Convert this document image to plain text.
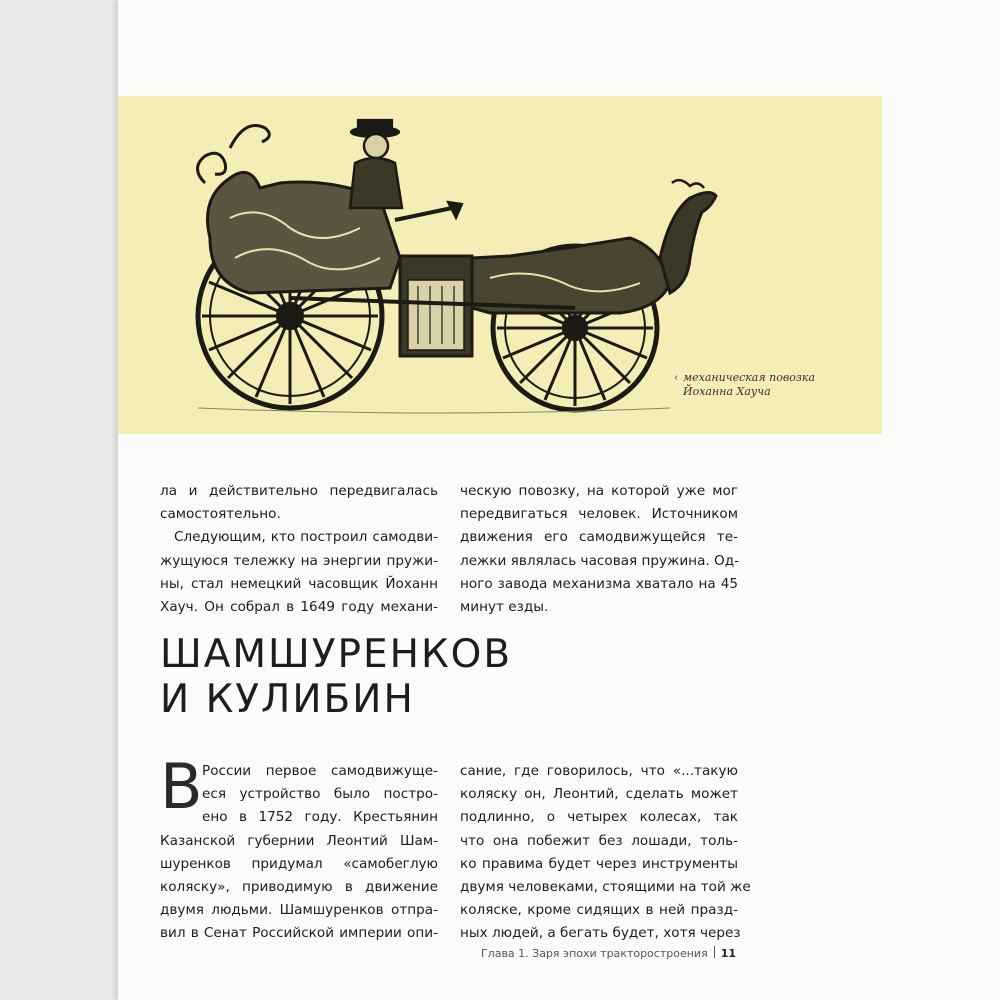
‹ механическая повозка
Йоханна Хауча
ла и действительно передвигалась
самостоятельно.
Следующим, кто построил самодви-
жущуюся тележку на энергии пружи-
ны, стал немецкий часовщик Йоханн
Хауч. Он собрал в 1649 году механи-
ческую повозку, на которой уже мог
передвигаться человек. Источником
движения его самодвижущейся те-
лежки являлась часовая пружина. Од-
ного завода механизма хватало на 45
минут езды.
ШАМШУРЕНКОВ
И КУЛИБИН
В России первое самодвижуще-
еся устройство было постро-
ено в 1752 году. Крестьянин
Казанской губернии Леонтий Шам-
шуренков придумал «самобеглую
коляску», приводимую в движение
двумя людьми. Шамшуренков отпра-
вил в Сенат Российской империи опи-
сание, где говорилось, что «...такую
коляску он, Леонтий, сделать может
подлинно, о четырех колесах, так
что она побежит без лошади, толь-
ко правима будет через инструменты
двумя человеками, стоящими на той же
коляске, кроме сидящих в ней празд-
ных людей, а бегать будет, хотя через
Глава 1. Заря эпохи тракторостроения 11
